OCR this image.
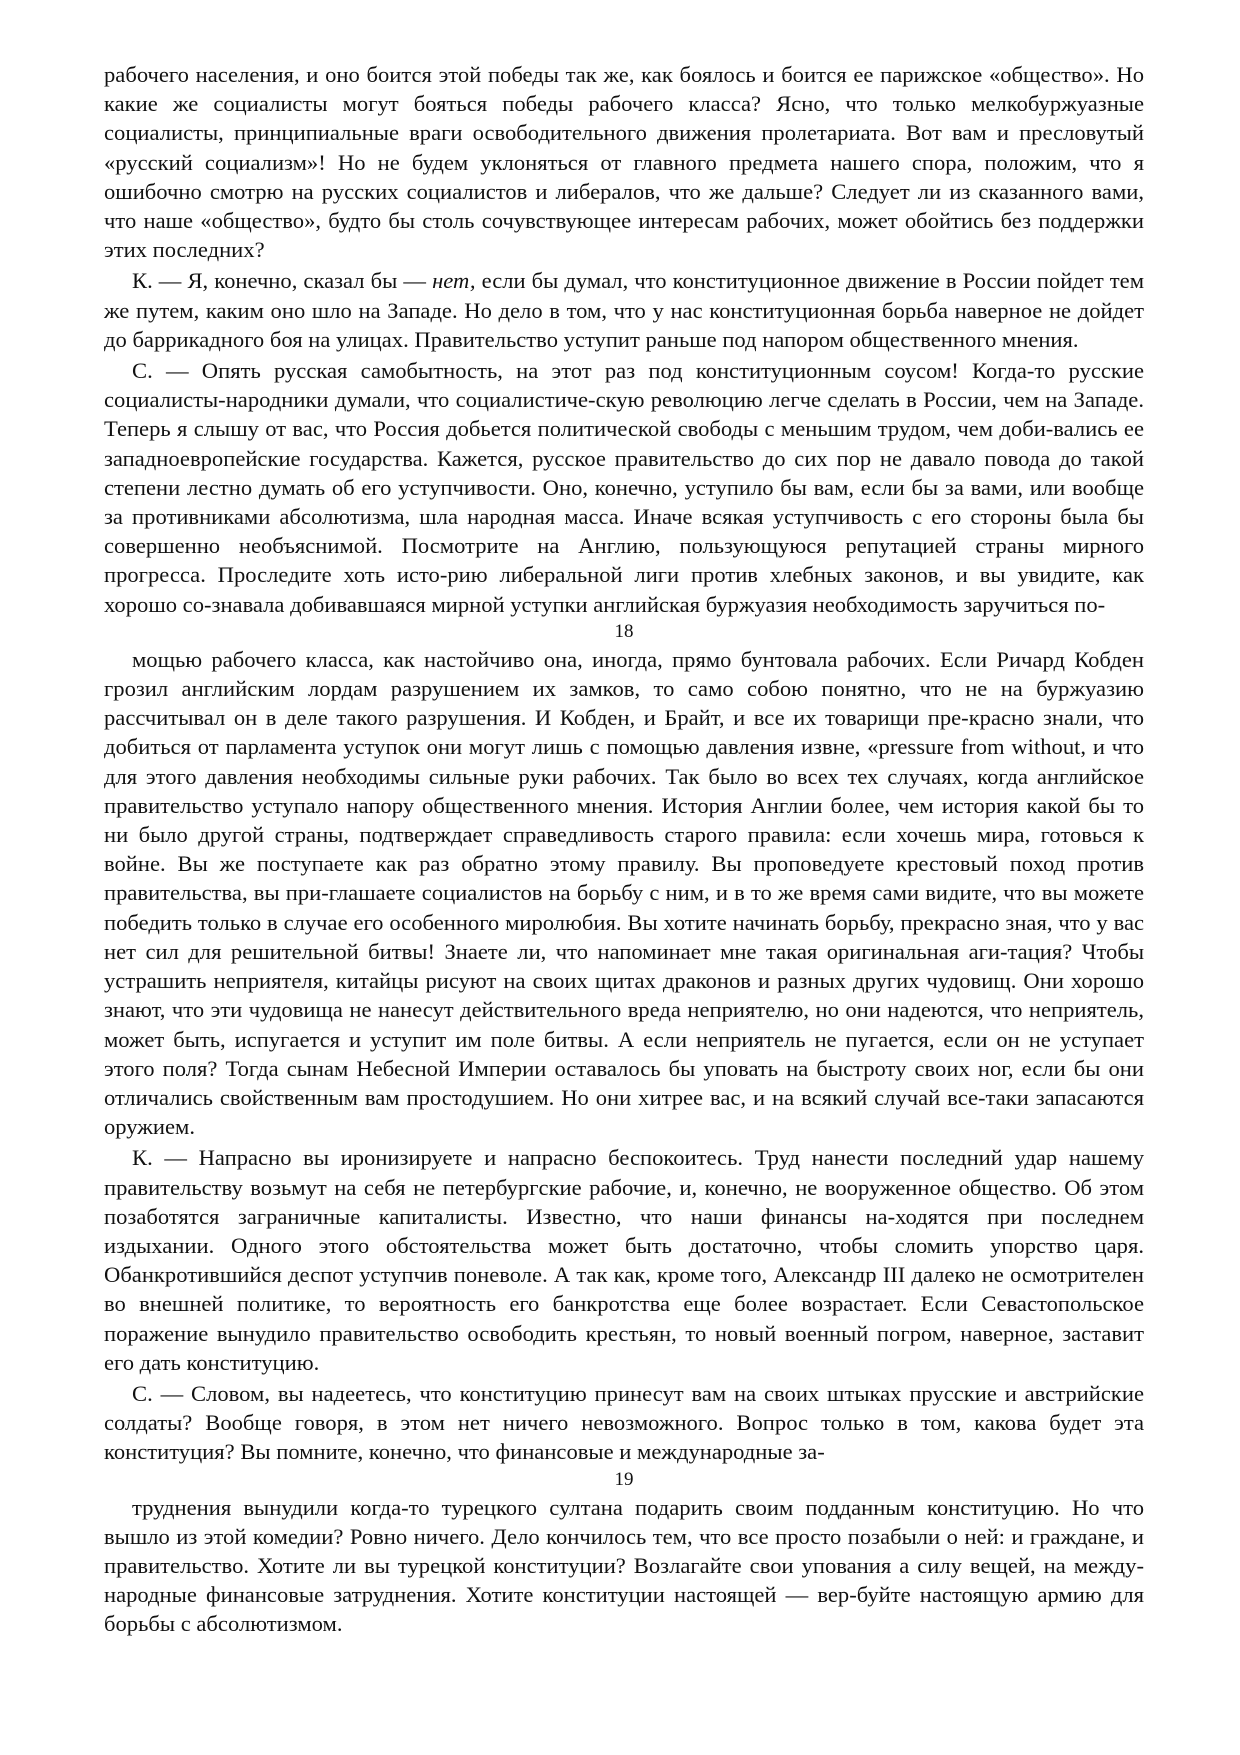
рабочего населения, и оно боится этой победы так же, как боялось и боится ее парижское «общество». Но какие же социалисты могут бояться победы рабочего класса? Ясно, что только мелкобуржуазные социалисты, принципиальные враги освободительного движения пролетариата. Вот вам и пресловутый «русский социализм»! Но не будем уклоняться от главного предмета нашего спора, положим, что я ошибочно смотрю на русских социалистов и либералов, что же дальше? Следует ли из сказанного вами, что наше «общество», будто бы столь сочувствующее интересам рабочих, может обойтись без поддержки этих последних?

К. — Я, конечно, сказал бы — нет, если бы думал, что конституционное движение в России пойдет тем же путем, каким оно шло на Западе. Но дело в том, что у нас конституционная борьба наверное не дойдет до баррикадного боя на улицах. Правительство уступит раньше под напором общественного мнения.

С. — Опять русская самобытность, на этот раз под конституционным соусом! Когда-то русские социалисты-народники думали, что социалистиче-скую революцию легче сделать в России, чем на Западе. Теперь я слышу от вас, что Россия добьется политической свободы с меньшим трудом, чем доби-вались ее западноевропейские государства. Кажется, русское правительство до сих пор не давало повода до такой степени лестно думать об его уступчивости. Оно, конечно, уступило бы вам, если бы за вами, или вообще за противниками абсолютизма, шла народная масса. Иначе всякая уступчивость с его стороны была бы совершенно необъяснимой. Посмотрите на Англию, пользующуюся репутацией страны мирного прогресса. Проследите хоть исто-рию либеральной лиги против хлебных законов, и вы увидите, как хорошо со-знавала добивавшаяся мирной уступки английская буржуазия необходимость заручиться по-

18

мощью рабочего класса, как настойчиво она, иногда, прямо бунтовала рабочих. Если Ричард Кобден грозил английским лордам разрушением их замков, то само собою понятно, что не на буржуазию рассчитывал он в деле такого разрушения. И Кобден, и Брайт, и все их товарищи пре-красно знали, что добиться от парламента уступок они могут лишь с помощью давления извне, «pressure from without, и что для этого давления необходимы сильные руки рабочих. Так было во всех тех случаях, когда английское правительство уступало напору общественного мнения. История Англии более, чем история какой бы то ни было другой страны, подтверждает справедливость старого правила: если хочешь мира, готовься к войне. Вы же поступаете как раз обратно этому правилу. Вы проповедуете крестовый поход против правительства, вы при-глашаете социалистов на борьбу с ним, и в то же время сами видите, что вы можете победить только в случае его особенного миролюбия. Вы хотите начинать борьбу, прекрасно зная, что у вас нет сил для решительной битвы! Знаете ли, что напоминает мне такая оригинальная аги-тация? Чтобы устрашить неприятеля, китайцы рисуют на своих щитах драконов и разных других чудовищ. Они хорошо знают, что эти чудовища не нанесут действительного вреда неприятелю, но они надеются, что неприятель, может быть, испугается и уступит им поле битвы. А если неприятель не пугается, если он не уступает этого поля? Тогда сынам Небесной Империи оставалось бы уповать на быстроту своих ног, если бы они отличались свойственным вам простодушием. Но они хитрее вас, и на всякий случай все-таки запасаются оружием.

К. — Напрасно вы иронизируете и напрасно беспокоитесь. Труд нанести последний удар нашему правительству возьмут на себя не петербургские рабочие, и, конечно, не вооруженное общество. Об этом позаботятся заграничные капиталисты. Известно, что наши финансы на-ходятся при последнем издыхании. Одного этого обстоятельства может быть достаточно, чтобы сломить упорство царя. Обанкротившийся деспот уступчив поневоле. А так как, кроме того, Александр III далеко не осмотрителен во внешней политике, то вероятность его банкротства еще более возрастает. Если Севастопольское поражение вынудило правительство освободить крестьян, то новый военный погром, наверное, заставит его дать конституцию.

С. — Словом, вы надеетесь, что конституцию принесут вам на своих штыках прусские и австрийские солдаты? Вообще говоря, в этом нет ничего невозможного. Вопрос только в том, какова будет эта конституция? Вы помните, конечно, что финансовые и международные за-

19

труднения вынудили когда-то турецкого султана подарить своим подданным конституцию. Но что вышло из этой комедии? Ровно ничего. Дело кончилось тем, что все просто позабыли о ней: и граждане, и правительство. Хотите ли вы турецкой конституции? Возлагайте свои упования а силу вещей, на между-народные финансовые затруднения. Хотите конституции настоящей — вер-буйте настоящую армию для борьбы с абсолютизмом.
